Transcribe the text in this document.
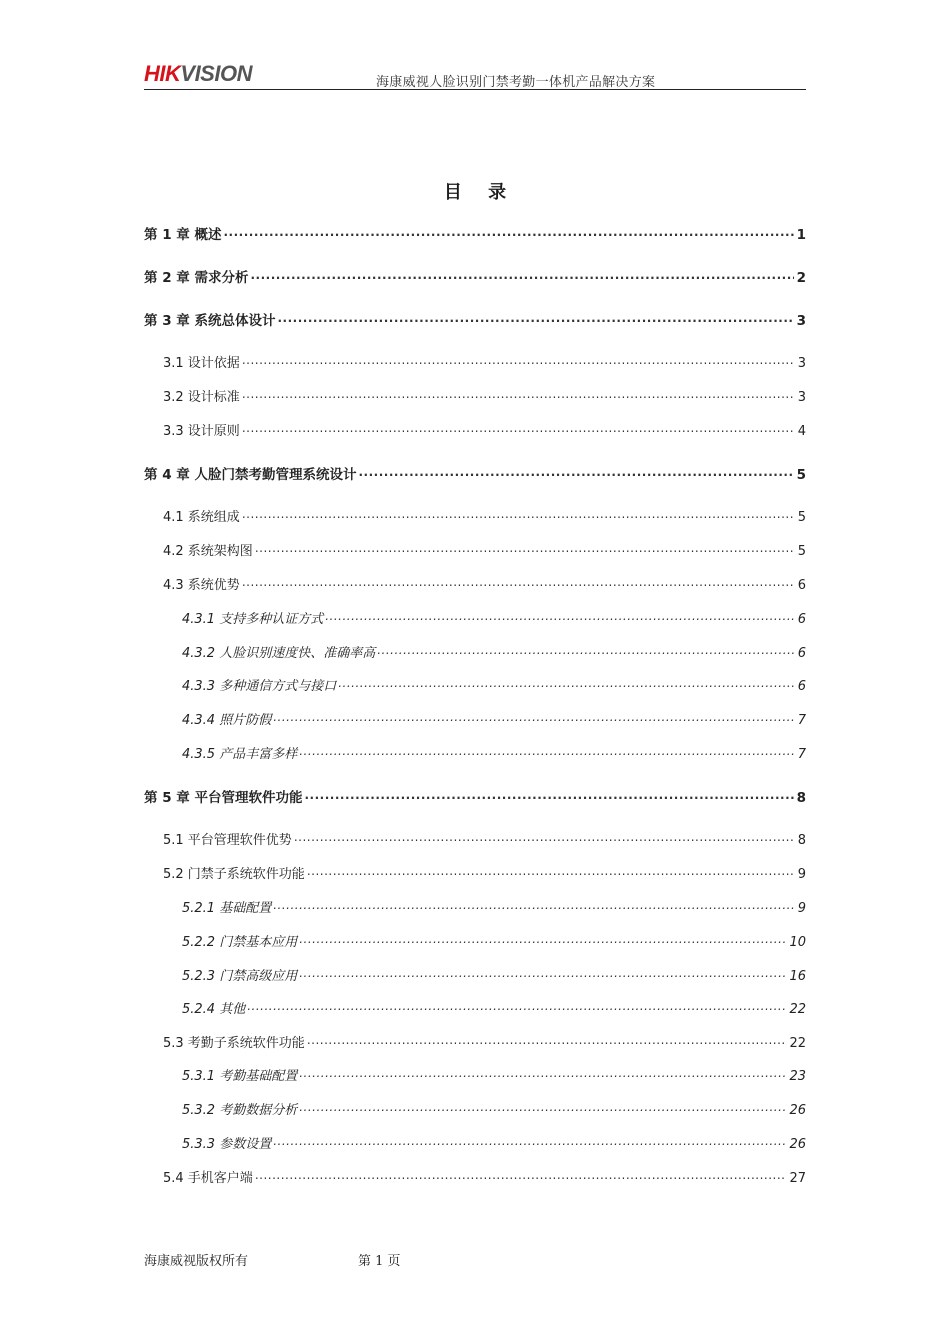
HIKVISION	海康威视人脸识别门禁考勤一体机产品解决方案
目 录
第 1 章 概述 .....	1
第 2 章 需求分析 .....	2
第 3 章 系统总体设计 .....	3
3.1 设计依据 .....	3
3.2 设计标准 .....	3
3.3 设计原则 .....	4
第 4 章 人脸门禁考勤管理系统设计 .....	5
4.1 系统组成 .....	5
4.2 系统架构图 .....	5
4.3 系统优势 .....	6
4.3.1 支持多种认证方式 .....	6
4.3.2 人脸识别速度快、准确率高 .....	6
4.3.3 多种通信方式与接口 .....	6
4.3.4 照片防假 .....	7
4.3.5 产品丰富多样 .....	7
第 5 章 平台管理软件功能 .....	8
5.1 平台管理软件优势 .....	8
5.2 门禁子系统软件功能 .....	9
5.2.1 基础配置 .....	9
5.2.2 门禁基本应用 .....	10
5.2.3 门禁高级应用 .....	16
5.2.4 其他 .....	22
5.3 考勤子系统软件功能 .....	22
5.3.1 考勤基础配置 .....	23
5.3.2 考勤数据分析 .....	26
5.3.3 参数设置 .....	26
5.4 手机客户端 .....	27
海康威视版权所有	第 1 页
